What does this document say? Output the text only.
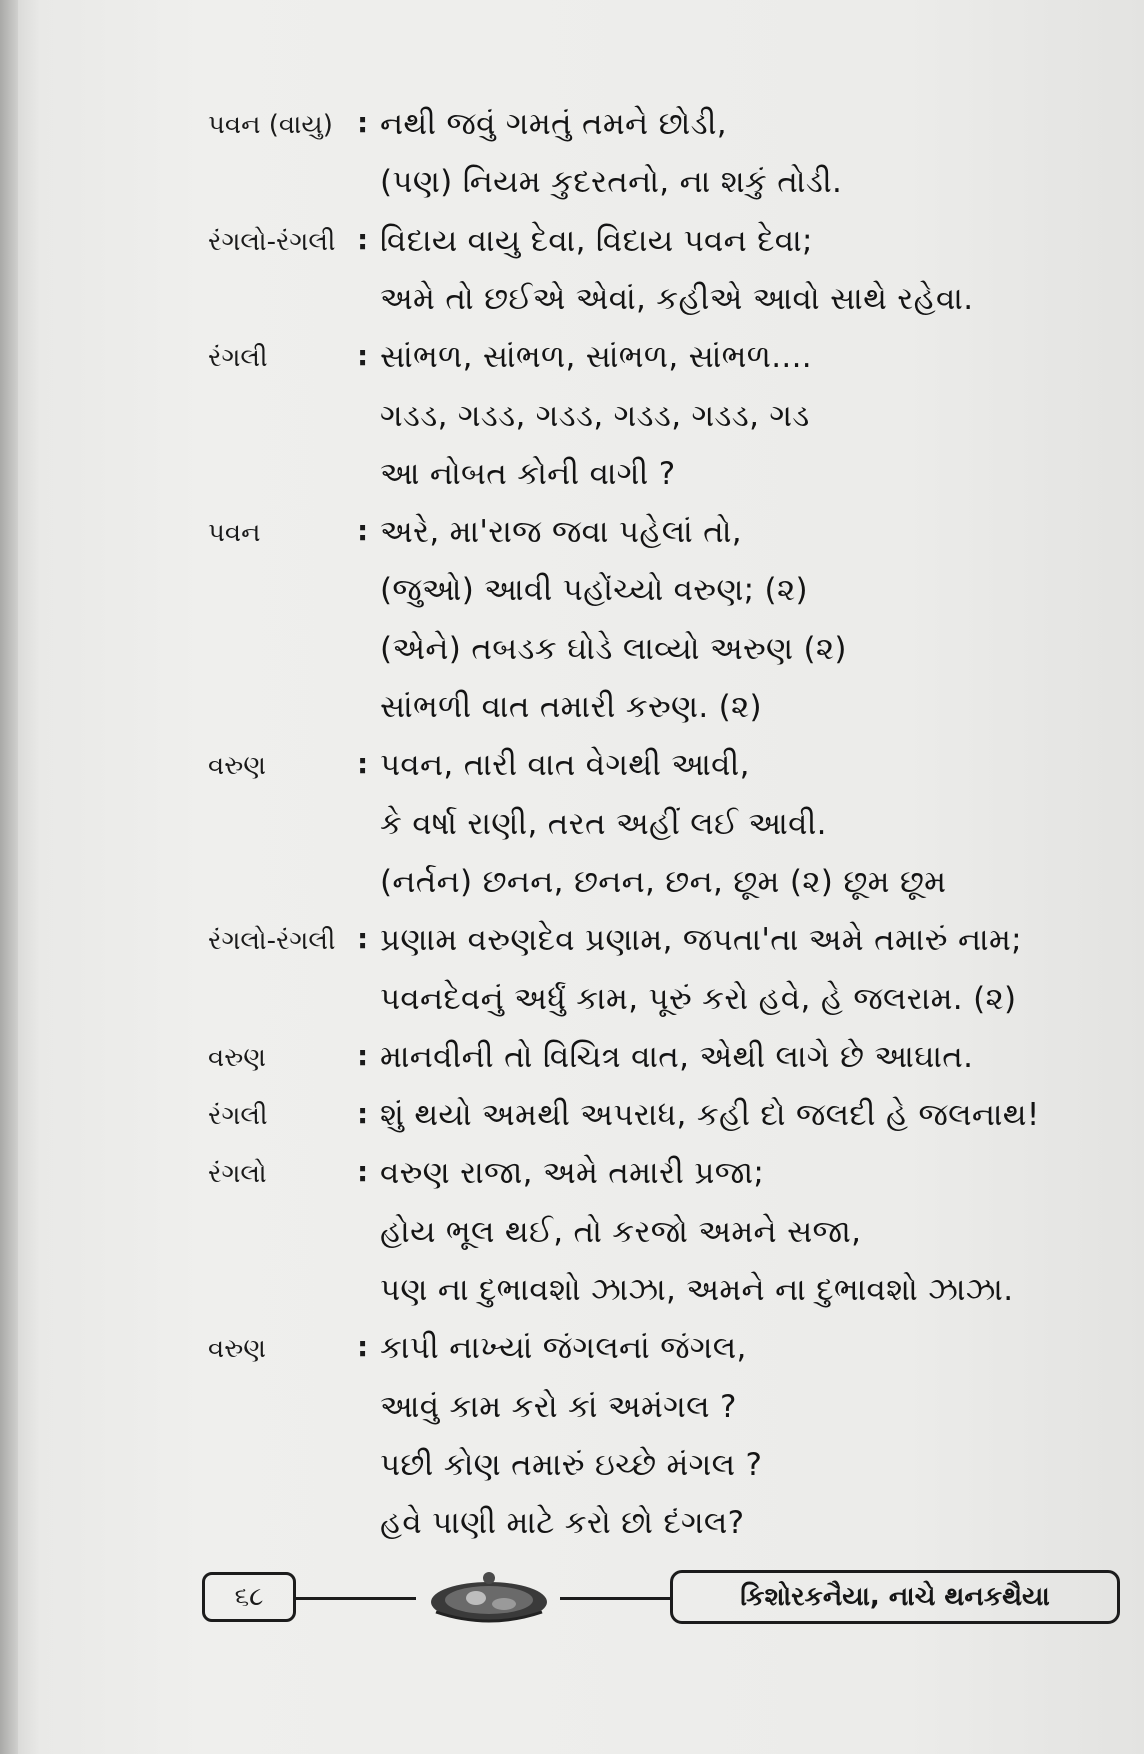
પવન (વાયુ) : નથી જવું ગમતું તમને છોડી,
(પણ) નિયમ કુદરતનો, ના શકું તોડી.
રંગલો-રંગલી : વિદાય વાયુ દેવા, વિદાય પવન દેવા;
અમે તો છઈએ એવાં, કહીએ આવો સાથે રહેવા.
રંગલી	: સાંભળ, સાંભળ, સાંભળ, સાંભળ....
ગડડ, ગડડ, ગડડ, ગડડ, ગડડ, ગડ
આ નોબત કોની વાગી ?
પવન	: અરે, મા'રાજ જવા પહેલાં તો,
(જુઓ) આવી પહોંચ્યો વરુણ; (૨)
(એને) તબડક ઘોડે લાવ્યો અરુણ (૨)
સાંભળી વાત તમારી કરુણ. (૨)
વરુણ	: પવન, તારી વાત વેગથી આવી,
કે વર્ષા રાણી, તરત અહીં લઈ આવી.
(નર્તન) છનન, છનન, છન, છૂમ (૨) છૂમ છૂમ
રંગલો-રંગલી : પ્રણામ વરુણદેવ પ્રણામ, જપતા'તા અમે તમારું નામ;
પવનદેવનું અર્ધું કામ, પૂરું કરો હવે, હે જલરામ. (૨)
વરુણ	: માનવીની તો વિચિત્ર વાત, એથી લાગે છે આઘાત.
રંગલી	: શું થયો અમથી અપરાધ, કહી દો જલદી હે જલનાથ!
રંગલો	: વરુણ રાજા, અમે તમારી પ્રજા;
હોય ભૂલ થઈ, તો કરજો અમને સજા,
પણ ના દુભાવશો ઝાઝા, અમને ના દુભાવશો ઝાઝા.
વરુણ	: કાપી નાખ્યાં જંગલનાં જંગલ,
આવું કામ કરો કાં અમંગલ ?
પછી કોણ તમારું ઇચ્છે મંગલ ?
હવે પાણી માટે કરો છો દંગલ?
૬૮	કિશોરકનૈયા, નાચે થનકથૈયા
